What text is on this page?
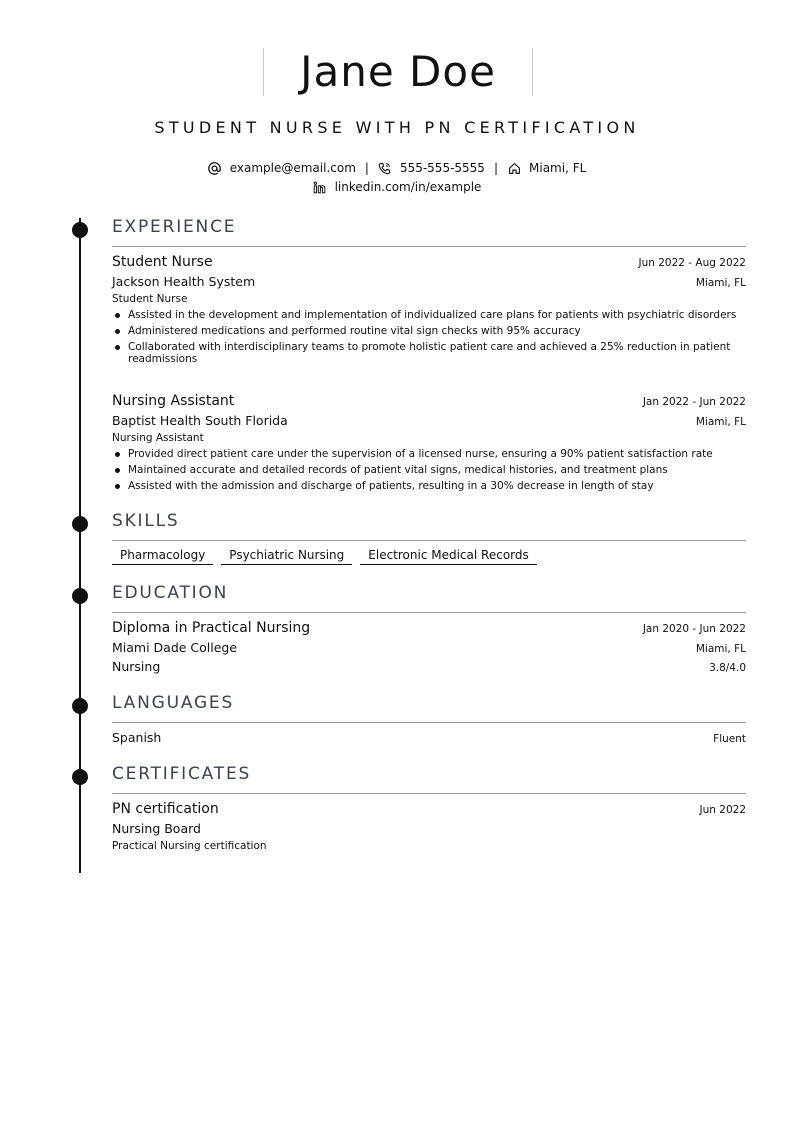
Jane Doe
STUDENT NURSE WITH PN CERTIFICATION
example@email.com |	555-555-5555 |	Miami, FL
linkedin.com/in/example
EXPERIENCE
Student Nurse	Jun 2022 - Aug 2022
Jackson Health System	Miami, FL
Student Nurse
Assisted in the development and implementation of individualized care plans for patients with psychiatric disorders
Administered medications and performed routine vital sign checks with 95% accuracy
Collaborated with interdisciplinary teams to promote holistic patient care and achieved a 25% reduction in patient readmissions
Nursing Assistant	Jan 2022 - Jun 2022
Baptist Health South Florida	Miami, FL
Nursing Assistant
Provided direct patient care under the supervision of a licensed nurse, ensuring a 90% patient satisfaction rate
Maintained accurate and detailed records of patient vital signs, medical histories, and treatment plans
Assisted with the admission and discharge of patients, resulting in a 30% decrease in length of stay
SKILLS
Pharmacology	Psychiatric Nursing	Electronic Medical Records
EDUCATION
Diploma in Practical Nursing	Jan 2020 - Jun 2022
Miami Dade College	Miami, FL
Nursing	3.8/4.0
LANGUAGES
Spanish	Fluent
CERTIFICATES
PN certification	Jun 2022
Nursing Board
Practical Nursing certification
